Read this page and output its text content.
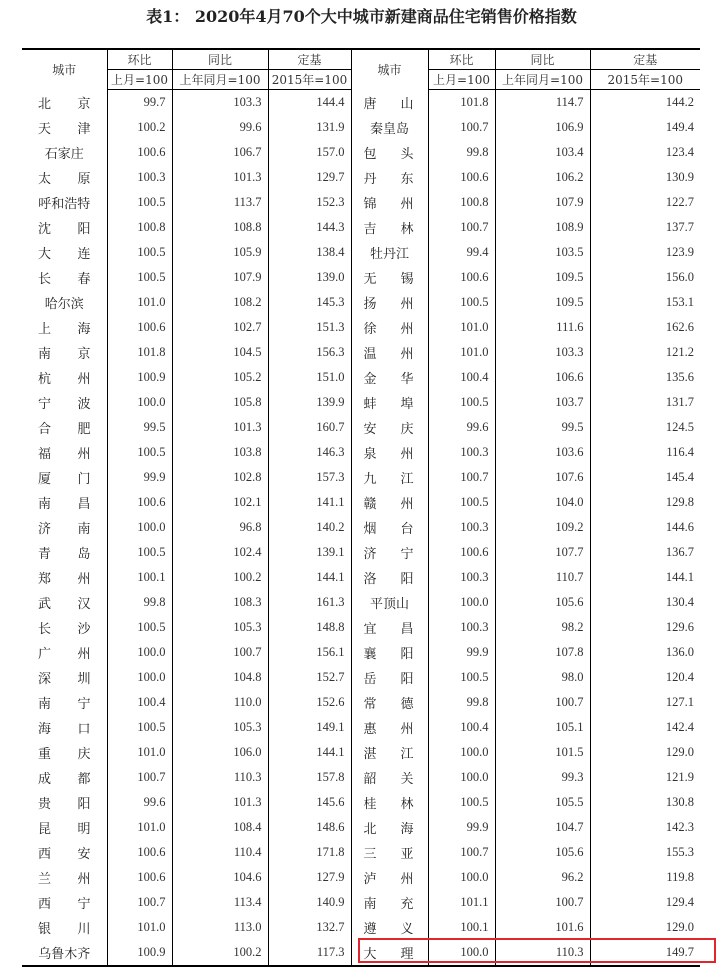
表1： 2020年4月70个大中城市新建商品住宅销售价格指数
城市	环比	同比	定基	城市	环比	同比	定基
	上月=100	上年同月=100	2015年=100		上月=100	上年同月=100	2015年=100

北 京	99.7	103.3	144.4	唐 山	101.8	114.7	144.2

天 津	100.2	99.6	131.9	秦皇岛	100.7	106.9	149.4

石家庄	100.6	106.7	157.0	包 头	99.8	103.4	123.4

太 原	100.3	101.3	129.7	丹 东	100.6	106.2	130.9

呼和浩特	100.5	113.7	152.3	锦 州	100.8	107.9	122.7

沈 阳	100.8	108.8	144.3	吉 林	100.7	108.9	137.7

大 连	100.5	105.9	138.4	牡丹江	99.4	103.5	123.9

长 春	100.5	107.9	139.0	无 锡	100.6	109.5	156.0

哈尔滨	101.0	108.2	145.3	扬 州	100.5	109.5	153.1

上 海	100.6	102.7	151.3	徐 州	101.0	111.6	162.6

南 京	101.8	104.5	156.3	温 州	101.0	103.3	121.2

杭 州	100.9	105.2	151.0	金 华	100.4	106.6	135.6

宁 波	100.0	105.8	139.9	蚌 埠	100.5	103.7	131.7

合 肥	99.5	101.3	160.7	安 庆	99.6	99.5	124.5

福 州	100.5	103.8	146.3	泉 州	100.3	103.6	116.4

厦 门	99.9	102.8	157.3	九 江	100.7	107.6	145.4

南 昌	100.6	102.1	141.1	赣 州	100.5	104.0	129.8

济 南	100.0	96.8	140.2	烟 台	100.3	109.2	144.6

青 岛	100.5	102.4	139.1	济 宁	100.6	107.7	136.7

郑 州	100.1	100.2	144.1	洛 阳	100.3	110.7	144.1

武 汉	99.8	108.3	161.3	平顶山	100.0	105.6	130.4

长 沙	100.5	105.3	148.8	宜 昌	100.3	98.2	129.6

广 州	100.0	100.7	156.1	襄 阳	99.9	107.8	136.0

深 圳	100.0	104.8	152.7	岳 阳	100.5	98.0	120.4

南 宁	100.4	110.0	152.6	常 德	99.8	100.7	127.1

海 口	100.5	105.3	149.1	惠 州	100.4	105.1	142.4

重 庆	101.0	106.0	144.1	湛 江	100.0	101.5	129.0

成 都	100.7	110.3	157.8	韶 关	100.0	99.3	121.9

贵 阳	99.6	101.3	145.6	桂 林	100.5	105.5	130.8

昆 明	101.0	108.4	148.6	北 海	99.9	104.7	142.3

西 安	100.6	110.4	171.8	三 亚	100.7	105.6	155.3

兰 州	100.6	104.6	127.9	泸 州	100.0	96.2	119.8

西 宁	100.7	113.4	140.9	南 充	101.1	100.7	129.4

银 川	101.0	113.0	132.7	遵 义	100.1	101.6	129.0

乌鲁木齐	100.9	100.2	117.3	大 理	100.0	110.3	149.7
